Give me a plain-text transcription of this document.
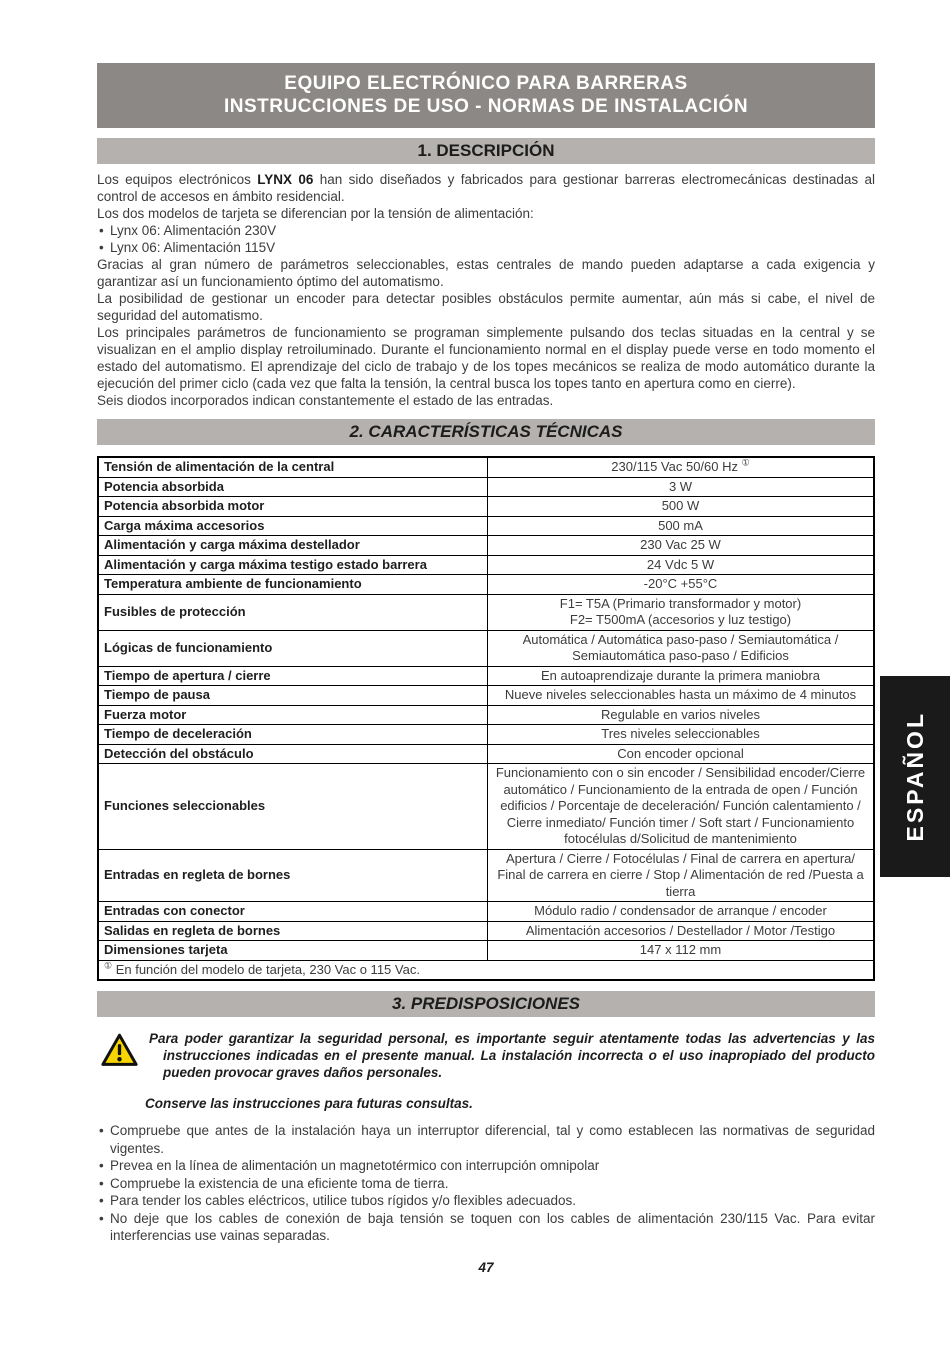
EQUIPO ELECTRÓNICO PARA BARRERAS
INSTRUCCIONES DE USO - NORMAS DE INSTALACIÓN
1. DESCRIPCIÓN

Los equipos electrónicos LYNX 06 han sido diseñados y fabricados para gestionar barreras electromecánicas destinadas al control de accesos en ámbito residencial.

Los dos modelos de tarjeta se diferencian por la tensión de alimentación:

• Lynx 06: Alimentación 230V
• Lynx 06: Alimentación 115V

Gracias al gran número de parámetros seleccionables, estas centrales de mando pueden adaptarse a cada exigencia y garantizar así un funcionamiento óptimo del automatismo.

La posibilidad de gestionar un encoder para detectar posibles obstáculos permite aumentar, aún más si cabe, el nivel de seguridad del automatismo.

Los principales parámetros de funcionamiento se programan simplemente pulsando dos teclas situadas en la central y se visualizan en el amplio display retroiluminado. Durante el funcionamiento normal en el display puede verse en todo momento el estado del automatismo. El aprendizaje del ciclo de trabajo y de los topes mecánicos se realiza de modo automático durante la ejecución del primer ciclo (cada vez que falta la tensión, la central busca los topes tanto en apertura como en cierre).

Seis diodos incorporados indican constantemente el estado de las entradas.

2. CARACTERÍSTICAS TÉCNICAS
Tensión de alimentación de la central	230/115 Vac 50/60 Hz ①
Potencia absorbida	3 W
Potencia absorbida motor	500 W
Carga máxima accesorios	500 mA
Alimentación y carga máxima destellador	230 Vac 25 W
Alimentación y carga máxima testigo estado barrera	24 Vdc 5 W
Temperatura ambiente de funcionamiento	-20°C +55°C
Fusibles de protección	F1= T5A (Primario transformador y motor)
F2= T500mA (accesorios y luz testigo)

Lógicas de funcionamiento	Automática / Automática paso-paso / Semiautomática / Semiautomática paso-paso / Edificios
Tiempo de apertura / cierre	En autoaprendizaje durante la primera maniobra
Tiempo de pausa	Nueve niveles seleccionables hasta un máximo de 4 minutos
Fuerza motor	Regulable en varios niveles
Tiempo de deceleración	Tres niveles seleccionables
Detección del obstáculo	Con encoder opcional
Funciones seleccionables	Funcionamiento con o sin encoder / Sensibilidad encoder/Cierre automático / Funcionamiento de la entrada de open / Función edificios / Porcentaje de deceleración/ Función calentamiento / Cierre inmediato/ Función timer / Soft start / Funcionamiento fotocélulas d/Solicitud de mantenimiento
Entradas en regleta de bornes	Apertura / Cierre / Fotocélulas / Final de carrera en apertura/ Final de carrera en cierre / Stop / Alimentación de red /Puesta a tierra
Entradas con conector	Módulo radio / condensador de arranque / encoder
Salidas en regleta de bornes	Alimentación accesorios / Destellador / Motor /Testigo
Dimensiones tarjeta	147 x 112 mm
① En función del modelo de tarjeta, 230 Vac o 115 Vac.	
3. PREDISPOSICIONES
Para poder garantizar la seguridad personal, es importante seguir atentamente todas las advertencias y las instrucciones indicadas en el presente manual. La instalación incorrecta o el uso inapropiado del producto pueden provocar graves daños personales.
Conserve las instrucciones para futuras consultas.
• Compruebe que antes de la instalación haya un interruptor diferencial, tal y como establecen las normativas de seguridad vigentes.
• Prevea en la línea de alimentación un magnetotérmico con interrupción omnipolar
• Compruebe la existencia de una eficiente toma de tierra.
• Para tender los cables eléctricos, utilice tubos rígidos y/o flexibles adecuados.
• No deje que los cables de conexión de baja tensión se toquen con los cables de alimentación 230/115 Vac. Para evitar interferencias use vainas separadas.
47
ESPAÑOL
